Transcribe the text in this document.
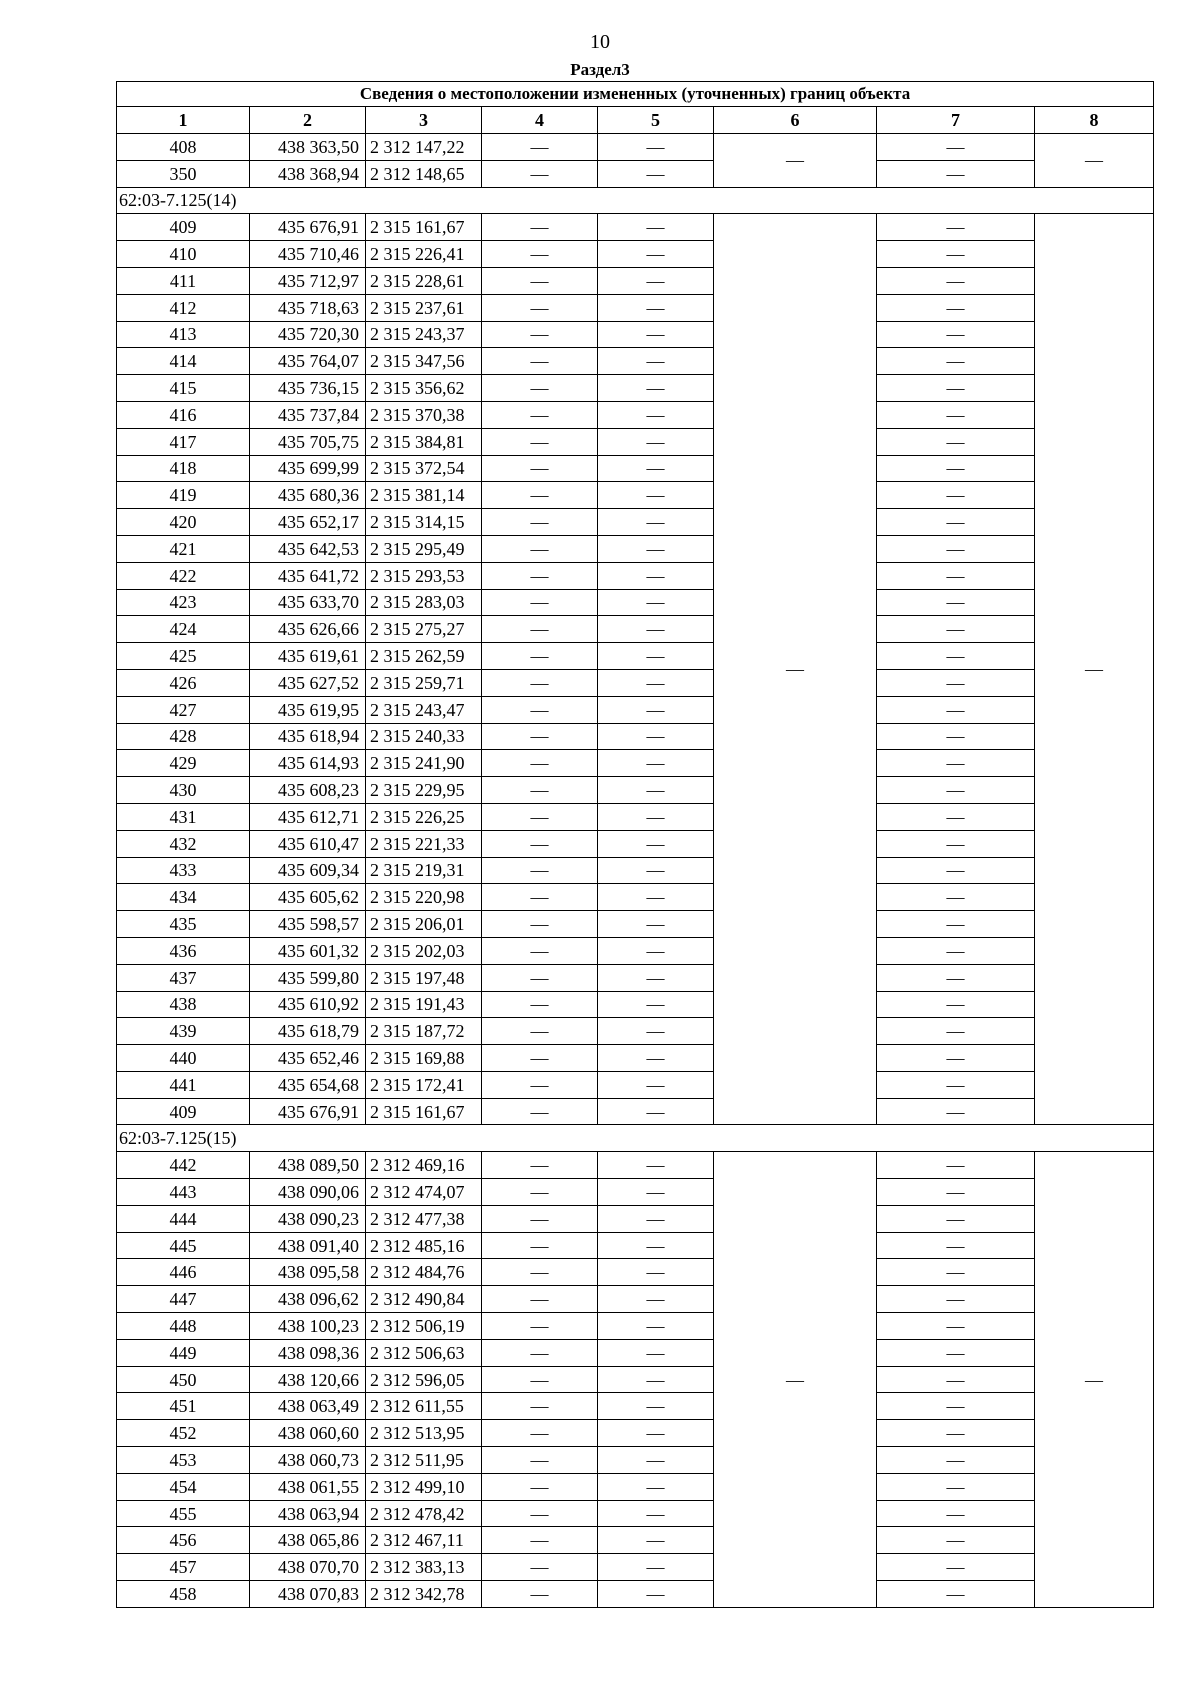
10
Раздел3
Сведения о местоположении измененных (уточненных) границ объекта							
1	2	3	4	5	6	7	8
408	438 363,50	2 312 147,22	—	—	—	—	—
350	438 368,94	2 312 148,65	—	—		—	
62:03-7.125(14)							
409	435 676,91	2 315 161,67	—	—	—	—	—
410	435 710,46	2 315 226,41	—	—		—	
411	435 712,97	2 315 228,61	—	—		—	
412	435 718,63	2 315 237,61	—	—		—	
413	435 720,30	2 315 243,37	—	—		—	
414	435 764,07	2 315 347,56	—	—		—	
415	435 736,15	2 315 356,62	—	—		—	
416	435 737,84	2 315 370,38	—	—		—	
417	435 705,75	2 315 384,81	—	—		—	
418	435 699,99	2 315 372,54	—	—		—	
419	435 680,36	2 315 381,14	—	—		—	
420	435 652,17	2 315 314,15	—	—		—	
421	435 642,53	2 315 295,49	—	—		—	
422	435 641,72	2 315 293,53	—	—		—	
423	435 633,70	2 315 283,03	—	—		—	
424	435 626,66	2 315 275,27	—	—		—	
425	435 619,61	2 315 262,59	—	—		—	
426	435 627,52	2 315 259,71	—	—		—	
427	435 619,95	2 315 243,47	—	—		—	
428	435 618,94	2 315 240,33	—	—		—	
429	435 614,93	2 315 241,90	—	—		—	
430	435 608,23	2 315 229,95	—	—		—	
431	435 612,71	2 315 226,25	—	—		—	
432	435 610,47	2 315 221,33	—	—		—	
433	435 609,34	2 315 219,31	—	—		—	
434	435 605,62	2 315 220,98	—	—		—	
435	435 598,57	2 315 206,01	—	—		—	
436	435 601,32	2 315 202,03	—	—		—	
437	435 599,80	2 315 197,48	—	—		—	
438	435 610,92	2 315 191,43	—	—		—	
439	435 618,79	2 315 187,72	—	—		—	
440	435 652,46	2 315 169,88	—	—		—	
441	435 654,68	2 315 172,41	—	—		—	
409	435 676,91	2 315 161,67	—	—		—	
62:03-7.125(15)							
442	438 089,50	2 312 469,16	—	—	—	—	—
443	438 090,06	2 312 474,07	—	—		—	
444	438 090,23	2 312 477,38	—	—		—	
445	438 091,40	2 312 485,16	—	—		—	
446	438 095,58	2 312 484,76	—	—		—	
447	438 096,62	2 312 490,84	—	—		—	
448	438 100,23	2 312 506,19	—	—		—	
449	438 098,36	2 312 506,63	—	—		—	
450	438 120,66	2 312 596,05	—	—		—	
451	438 063,49	2 312 611,55	—	—		—	
452	438 060,60	2 312 513,95	—	—		—	
453	438 060,73	2 312 511,95	—	—		—	
454	438 061,55	2 312 499,10	—	—		—	
455	438 063,94	2 312 478,42	—	—		—	
456	438 065,86	2 312 467,11	—	—		—	
457	438 070,70	2 312 383,13	—	—		—	
458	438 070,83	2 312 342,78	—	—		—	
